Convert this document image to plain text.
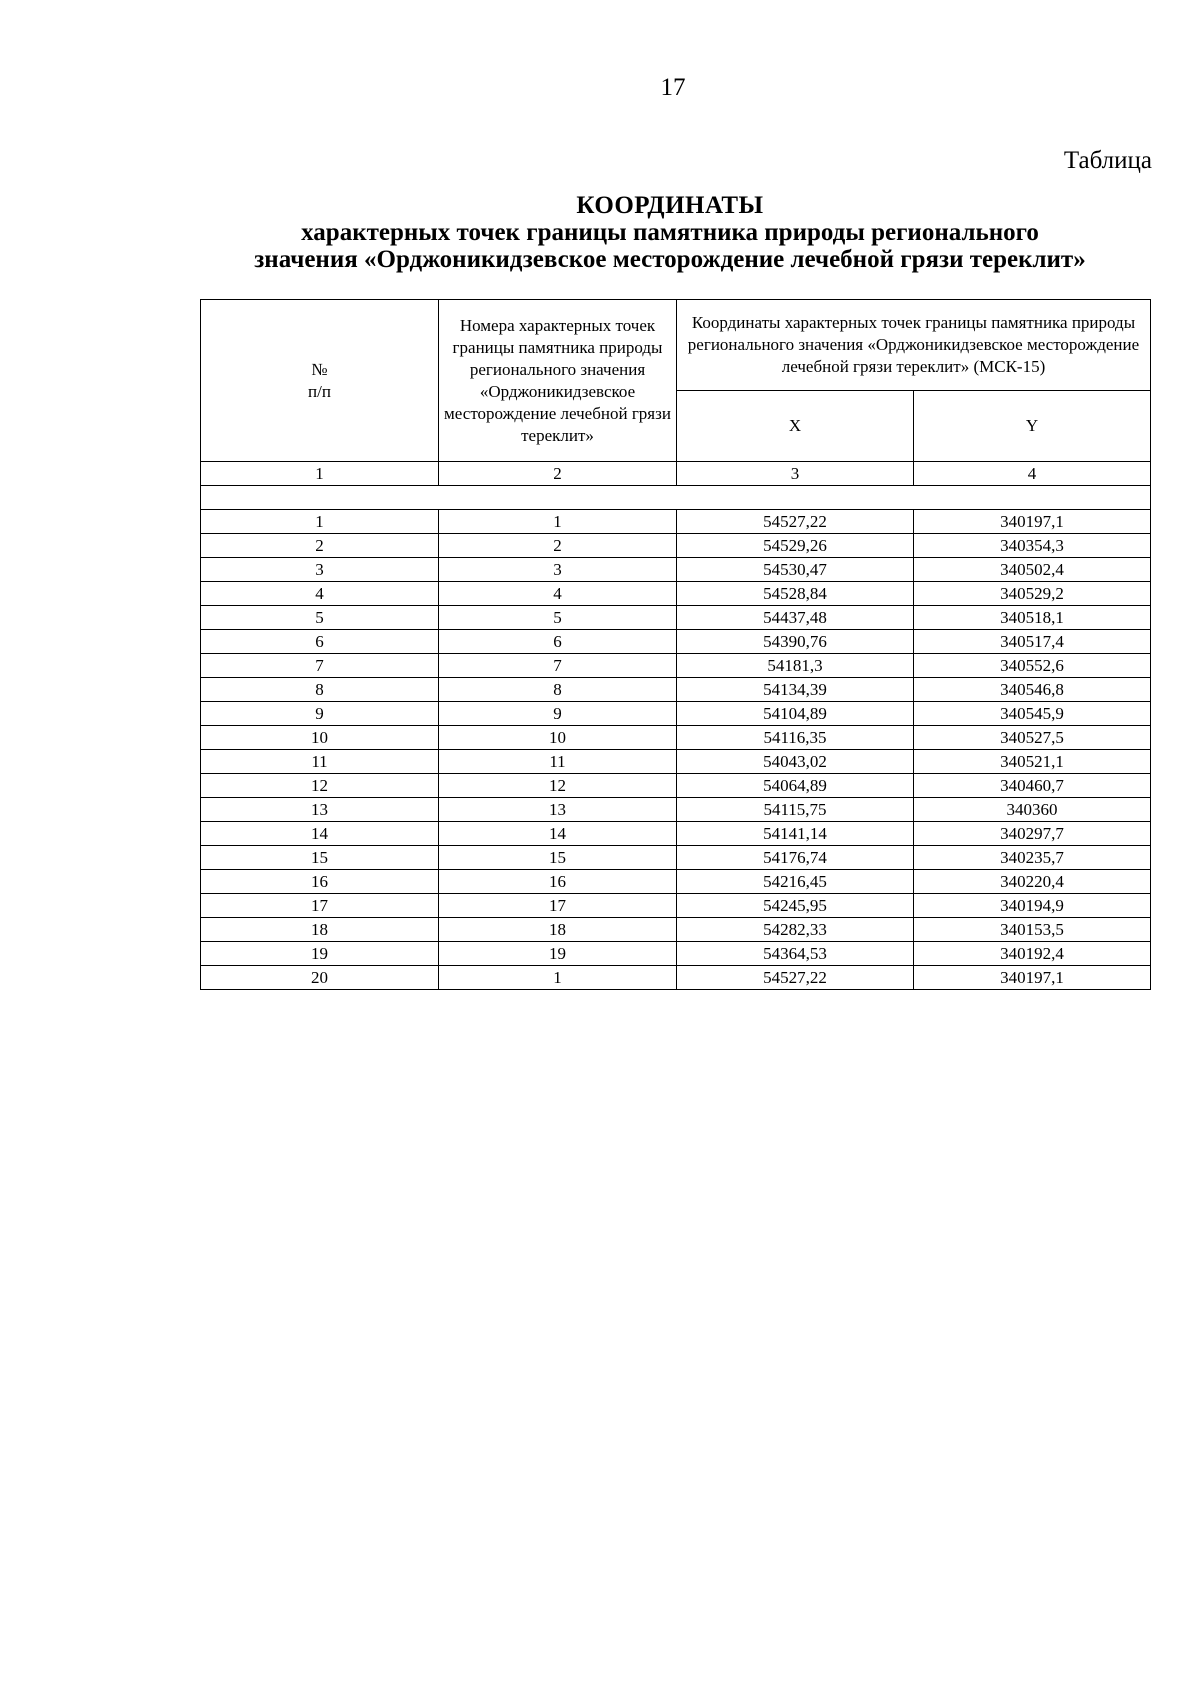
17
Таблица
КООРДИНАТЫ
характерных точек границы памятника природы регионального
значения «Орджоникидзевское месторождение лечебной грязи тереклит»
№
п/п	Номера характерных точек границы памятника природы регионального значения «Орджоникидзевское месторождение лечебной грязи тереклит»	Координаты характерных точек границы памятника природы регионального значения «Орджоникидзевское месторождение лечебной грязи тереклит» (МСК-15)	
		X	Y
1	2	3	4

1	1	54527,22	340197,1
2	2	54529,26	340354,3
3	3	54530,47	340502,4
4	4	54528,84	340529,2
5	5	54437,48	340518,1
6	6	54390,76	340517,4
7	7	54181,3	340552,6
8	8	54134,39	340546,8
9	9	54104,89	340545,9
10	10	54116,35	340527,5
11	11	54043,02	340521,1
12	12	54064,89	340460,7
13	13	54115,75	340360
14	14	54141,14	340297,7
15	15	54176,74	340235,7
16	16	54216,45	340220,4
17	17	54245,95	340194,9
18	18	54282,33	340153,5
19	19	54364,53	340192,4
20	1	54527,22	340197,1
